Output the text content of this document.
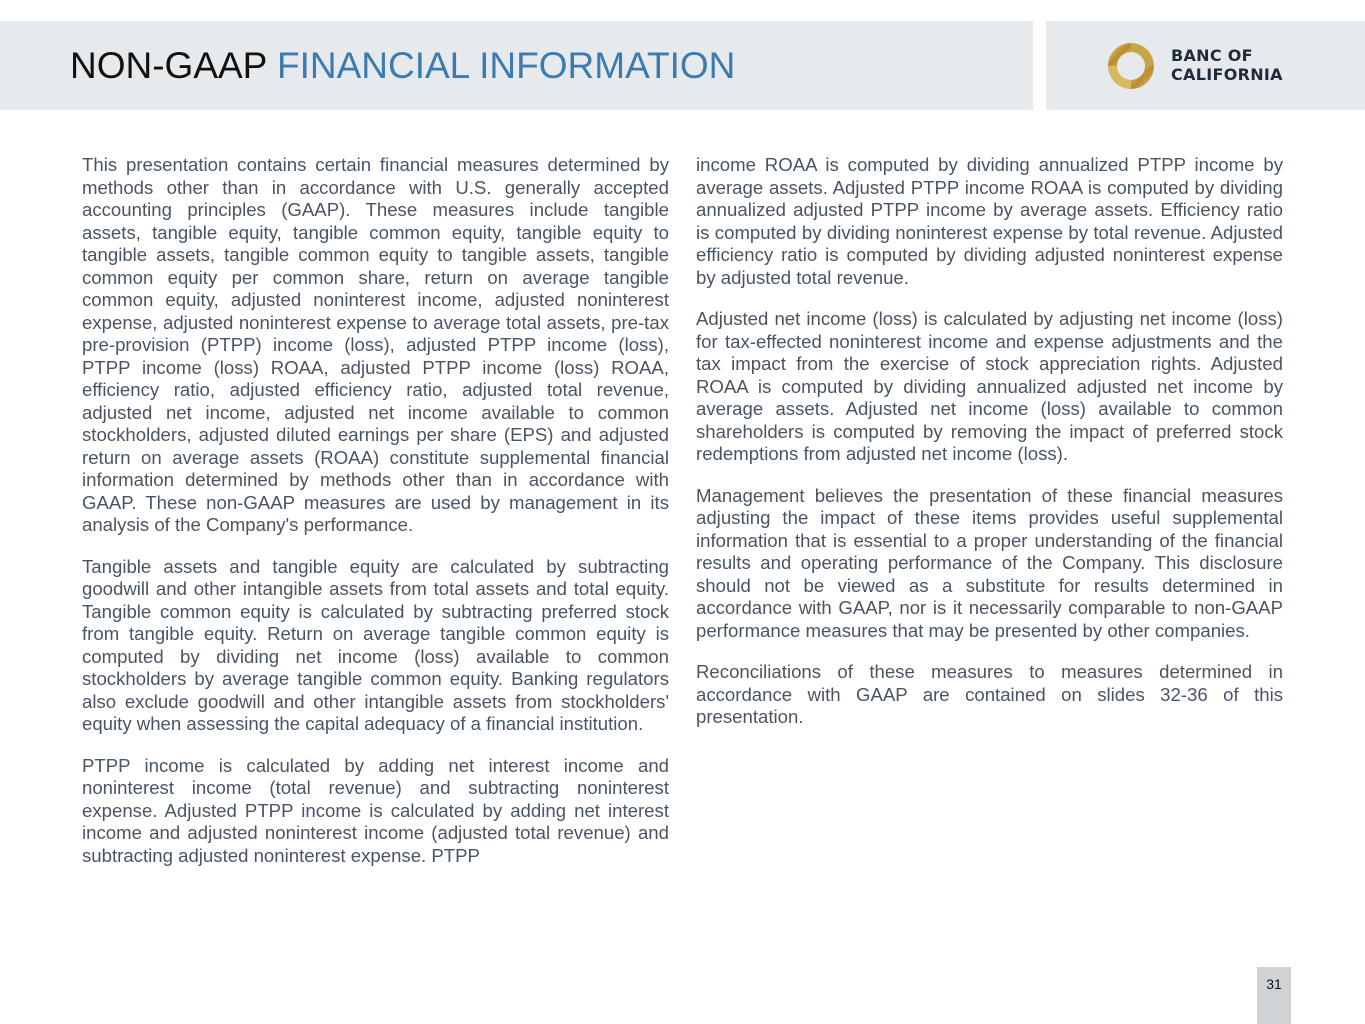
NON-GAAP FINANCIAL INFORMATION	BANC OF
CALIFORNIA

This presentation contains certain financial measures determined by methods other than in accordance with U.S. generally accepted accounting principles (GAAP). These measures include tangible assets, tangible equity, tangible common equity, tangible equity to tangible assets, tangible common equity to tangible assets, tangible common equity per common share, return on average tangible common equity, adjusted noninterest income, adjusted noninterest expense, adjusted noninterest expense to average total assets, pre-tax pre-provision (PTPP) income (loss), adjusted PTPP income (loss), PTPP income (loss) ROAA, adjusted PTPP income (loss) ROAA, efficiency ratio, adjusted efficiency ratio, adjusted total revenue, adjusted net income, adjusted net income available to common stockholders, adjusted diluted earnings per share (EPS) and adjusted return on average assets (ROAA) constitute supplemental financial information determined by methods other than in accordance with GAAP. These non-GAAP measures are used by management in its analysis of the Company's performance.

Tangible assets and tangible equity are calculated by subtracting goodwill and other intangible assets from total assets and total equity. Tangible common equity is calculated by subtracting preferred stock from tangible equity. Return on average tangible common equity is computed by dividing net income (loss) available to common stockholders by average tangible common equity. Banking regulators also exclude goodwill and other intangible assets from stockholders' equity when assessing the capital adequacy of a financial institution.

PTPP income is calculated by adding net interest income and noninterest income (total revenue) and subtracting noninterest expense. Adjusted PTPP income is calculated by adding net interest income and adjusted noninterest income (adjusted total revenue) and subtracting adjusted noninterest expense. PTPP

income ROAA is computed by dividing annualized PTPP income by average assets. Adjusted PTPP income ROAA is computed by dividing annualized adjusted PTPP income by average assets. Efficiency ratio is computed by dividing noninterest expense by total revenue. Adjusted efficiency ratio is computed by dividing adjusted noninterest expense by adjusted total revenue.

Adjusted net income (loss) is calculated by adjusting net income (loss) for tax-effected noninterest income and expense adjustments and the tax impact from the exercise of stock appreciation rights. Adjusted ROAA is computed by dividing annualized adjusted net income by average assets. Adjusted net income (loss) available to common shareholders is computed by removing the impact of preferred stock redemptions from adjusted net income (loss).

Management believes the presentation of these financial measures adjusting the impact of these items provides useful supplemental information that is essential to a proper understanding of the financial results and operating performance of the Company. This disclosure should not be viewed as a substitute for results determined in accordance with GAAP, nor is it necessarily comparable to non-GAAP performance measures that may be presented by other companies.

Reconciliations of these measures to measures determined in accordance with GAAP are contained on slides 32-36 of this presentation.

31
